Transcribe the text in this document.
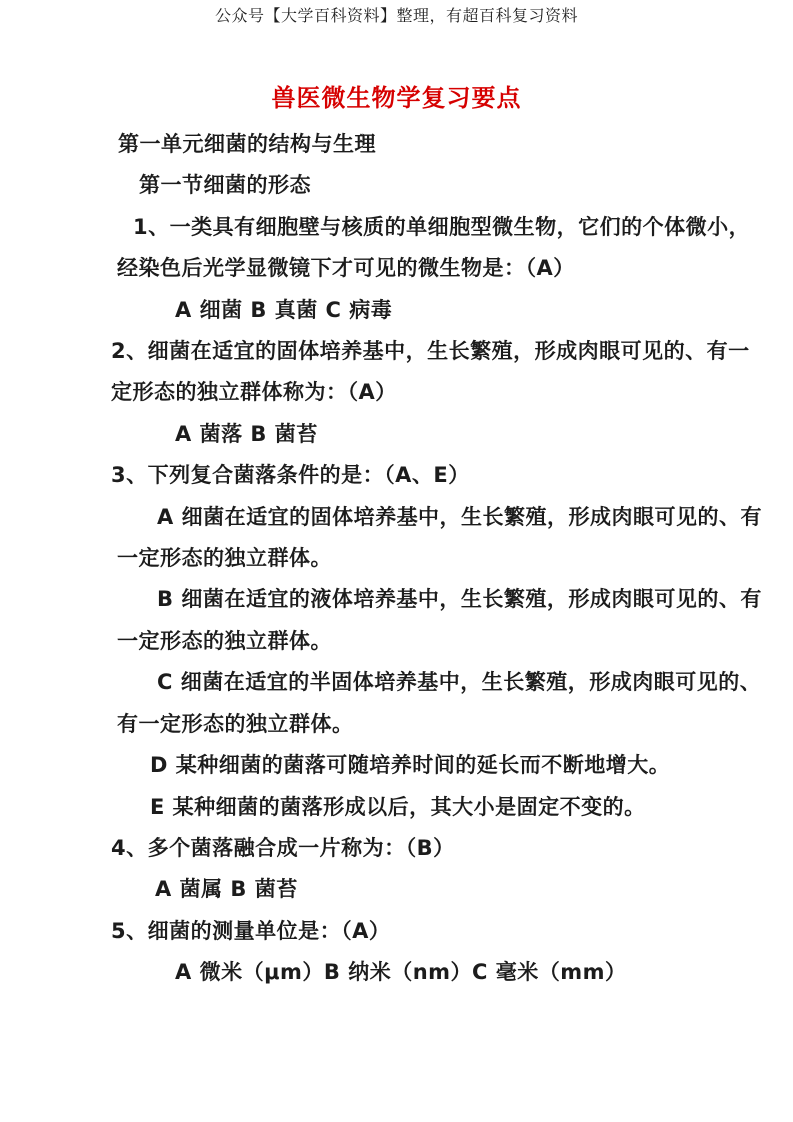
公众号【大学百科资料】整理，有超百科复习资料
兽医微生物学复习要点
第一单元细菌的结构与生理
第一节细菌的形态
1、一类具有细胞壁与核质的单细胞型微生物，它们的个体微小，
经染色后光学显微镜下才可见的微生物是：（A）
A 细菌 B 真菌 C 病毒
2、细菌在适宜的固体培养基中，生长繁殖，形成肉眼可见的、有一
定形态的独立群体称为：（A）
A 菌落 B 菌苔
3、下列复合菌落条件的是：（A、E）
A 细菌在适宜的固体培养基中，生长繁殖，形成肉眼可见的、有
一定形态的独立群体。
B 细菌在适宜的液体培养基中，生长繁殖，形成肉眼可见的、有
一定形态的独立群体。
C 细菌在适宜的半固体培养基中，生长繁殖，形成肉眼可见的、
有一定形态的独立群体。
D 某种细菌的菌落可随培养时间的延长而不断地增大。
E 某种细菌的菌落形成以后，其大小是固定不变的。
4、多个菌落融合成一片称为：（B）
A 菌属 B 菌苔
5、细菌的测量单位是：（A）
A 微米（μm）B 纳米（nm）C 毫米（mm）
